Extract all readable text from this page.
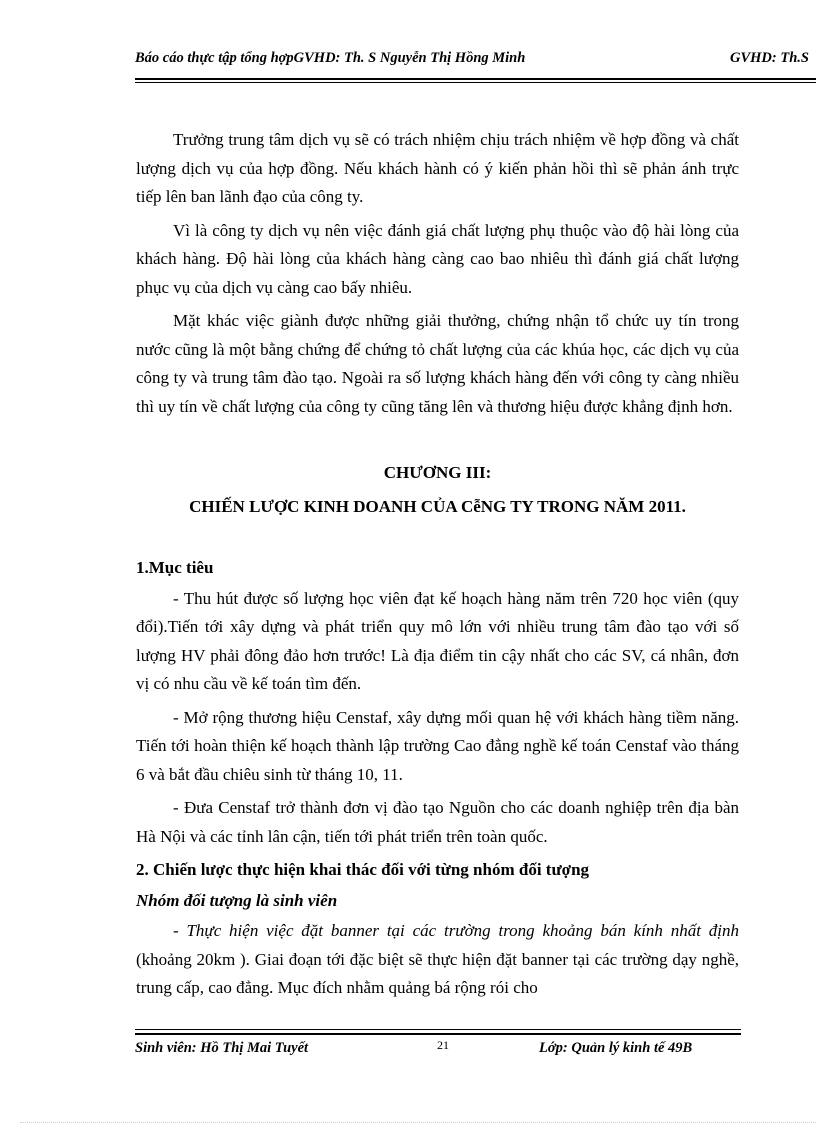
Báo cáo thực tập tổng hợpGVHD: Th. S Nguyễn Thị Hồng Minh	GVHD: Th.S

Trưởng trung tâm dịch vụ sẽ có trách nhiệm chịu trách nhiệm về hợp đồng và chất lượng dịch vụ của hợp đồng. Nếu khách hành có ý kiến phản hồi thì sẽ phản ánh trực tiếp lên ban lãnh đạo của công ty.

Vì là công ty dịch vụ nên việc đánh giá chất lượng phụ thuộc vào độ hài lòng của khách hàng. Độ hài lòng của khách hàng càng cao bao nhiêu thì đánh giá chất lượng phục vụ của dịch vụ càng cao bấy nhiêu.

Mặt khác việc giành được những giải thưởng, chứng nhận tổ chức uy tín trong nước cũng là một bằng chứng để chứng tỏ chất lượng của các khúa học, các dịch vụ của công ty và trung tâm đào tạo. Ngoài ra số lượng khách hàng đến với công ty càng nhiều thì uy tín về chất lượng của công ty cũng tăng lên và thương hiệu được khẳng định hơn.

CHƯƠNG III:

CHIẾN LƯỢC KINH DOANH CỦA CễNG TY TRONG NĂM 2011.

1.Mục tiêu

- Thu hút được số lượng học viên đạt kế hoạch hàng năm trên 720 học viên (quy đổi).Tiến tới xây dựng và phát triển quy mô lớn với nhiều trung tâm đào tạo với số lượng HV phải đông đảo hơn trước! Là địa điểm tin cậy nhất cho các SV, cá nhân, đơn vị có nhu cầu về kế toán tìm đến.

- Mở rộng thương hiệu Censtaf, xây dựng mối quan hệ với khách hàng tiềm năng. Tiến tới hoàn thiện kế hoạch thành lập trường Cao đẳng nghề kế toán Censtaf vào tháng 6 và bắt đầu chiêu sinh từ tháng 10, 11.

- Đưa Censtaf trở thành đơn vị đào tạo Nguồn cho các doanh nghiệp trên địa bàn Hà Nội và các tỉnh lân cận, tiến tới phát triển trên toàn quốc.

2. Chiến lược thực hiện khai thác đối với từng nhóm đối tượng

Nhóm đối tượng là sinh viên

- Thực hiện việc đặt banner tại các trường trong khoảng bán kính nhất định (khoảng 20km ). Giai đoạn tới đặc biệt sẽ thực hiện đặt banner tại các trường dạy nghề, trung cấp, cao đẳng. Mục đích nhằm quảng bá rộng rói cho

Sinh viên: Hồ Thị Mai Tuyết	21	Lớp: Quản lý kinh tế 49B
